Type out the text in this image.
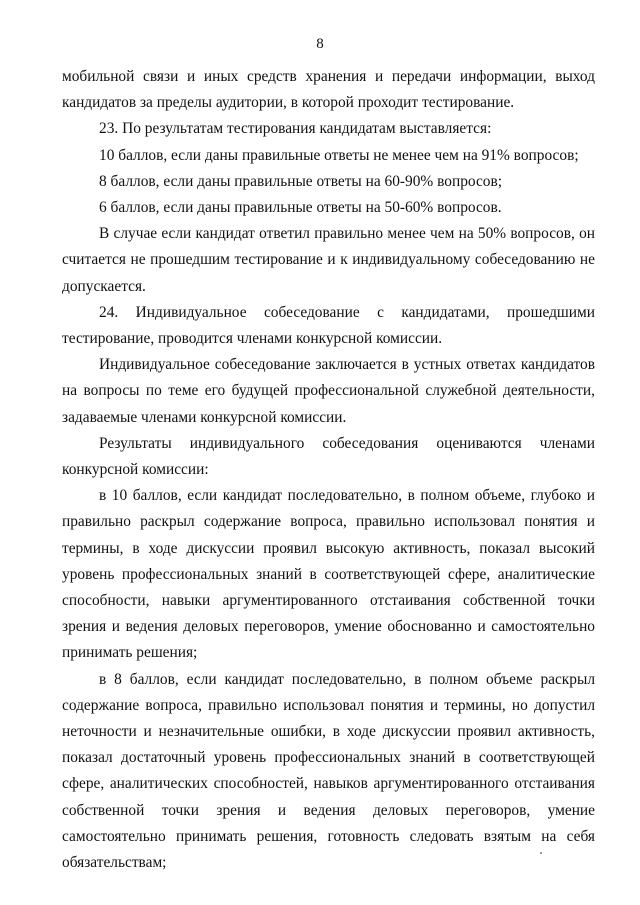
8

мобильной связи и иных средств хранения и передачи информации, выход кандидатов за пределы аудитории, в которой проходит тестирование.

23. По результатам тестирования кандидатам выставляется:

10 баллов, если даны правильные ответы не менее чем на 91% вопросов;

8 баллов, если даны правильные ответы на 60-90% вопросов;

6 баллов, если даны правильные ответы на 50-60% вопросов.

В случае если кандидат ответил правильно менее чем на 50% вопросов, он считается не прошедшим тестирование и к индивидуальному собеседованию не допускается.

24. Индивидуальное собеседование с кандидатами, прошедшими тестирование, проводится членами конкурсной комиссии.

Индивидуальное собеседование заключается в устных ответах кандидатов на вопросы по теме его будущей профессиональной служебной деятельности, задаваемые членами конкурсной комиссии.

Результаты индивидуального собеседования оцениваются членами конкурсной комиссии:

в 10 баллов, если кандидат последовательно, в полном объеме, глубоко и правильно раскрыл содержание вопроса, правильно использовал понятия и термины, в ходе дискуссии проявил высокую активность, показал высокий уровень профессиональных знаний в соответствующей сфере, аналитические способности, навыки аргументированного отстаивания собственной точки зрения и ведения деловых переговоров, умение обоснованно и самостоятельно принимать решения;

в 8 баллов, если кандидат последовательно, в полном объеме раскрыл содержание вопроса, правильно использовал понятия и термины, но допустил неточности и незначительные ошибки, в ходе дискуссии проявил активность, показал достаточный уровень профессиональных знаний в соответствующей сфере, аналитических способностей, навыков аргументированного отстаивания собственной точки зрения и ведения деловых переговоров, умение самостоятельно принимать решения, готовность следовать взятым на себя обязательствам;
